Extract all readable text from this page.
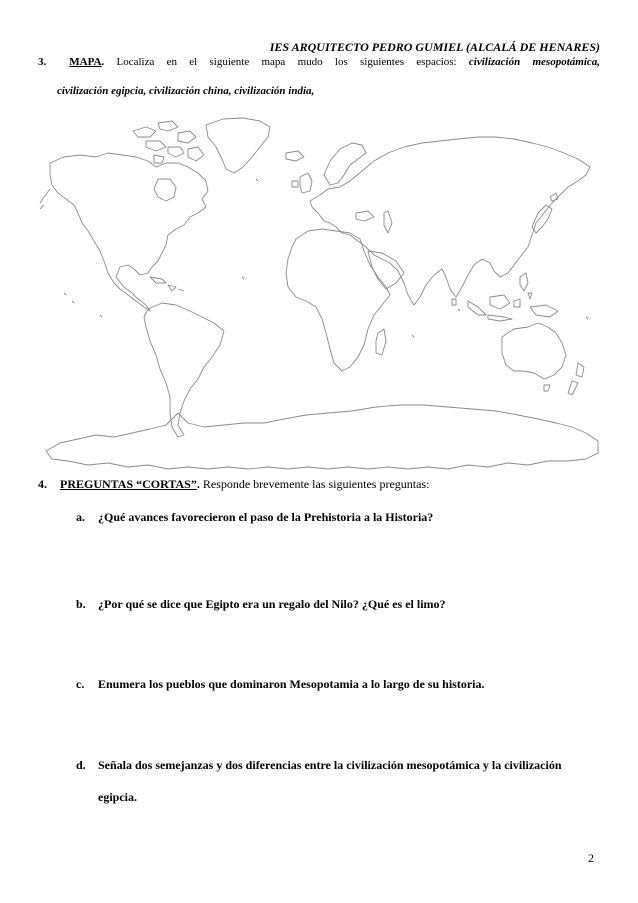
IES ARQUITECTO PEDRO GUMIEL (ALCALÁ DE HENARES)
3. MAPA. Localiza en el siguiente mapa mudo los siguientes espacios: civilización mesopotámica,
civilización egipcia, civilización china, civilización india,
4. PREGUNTAS “CORTAS”. Responde brevemente las siguientes preguntas:
a. ¿Qué avances favorecieron el paso de la Prehistoria a la Historia?
b. ¿Por qué se dice que Egipto era un regalo del Nilo? ¿Qué es el limo?
c. Enumera los pueblos que dominaron Mesopotamia a lo largo de su historia.
d. Señala dos semejanzas y dos diferencias entre la civilización mesopotámica y la civilización
egipcia.
2
